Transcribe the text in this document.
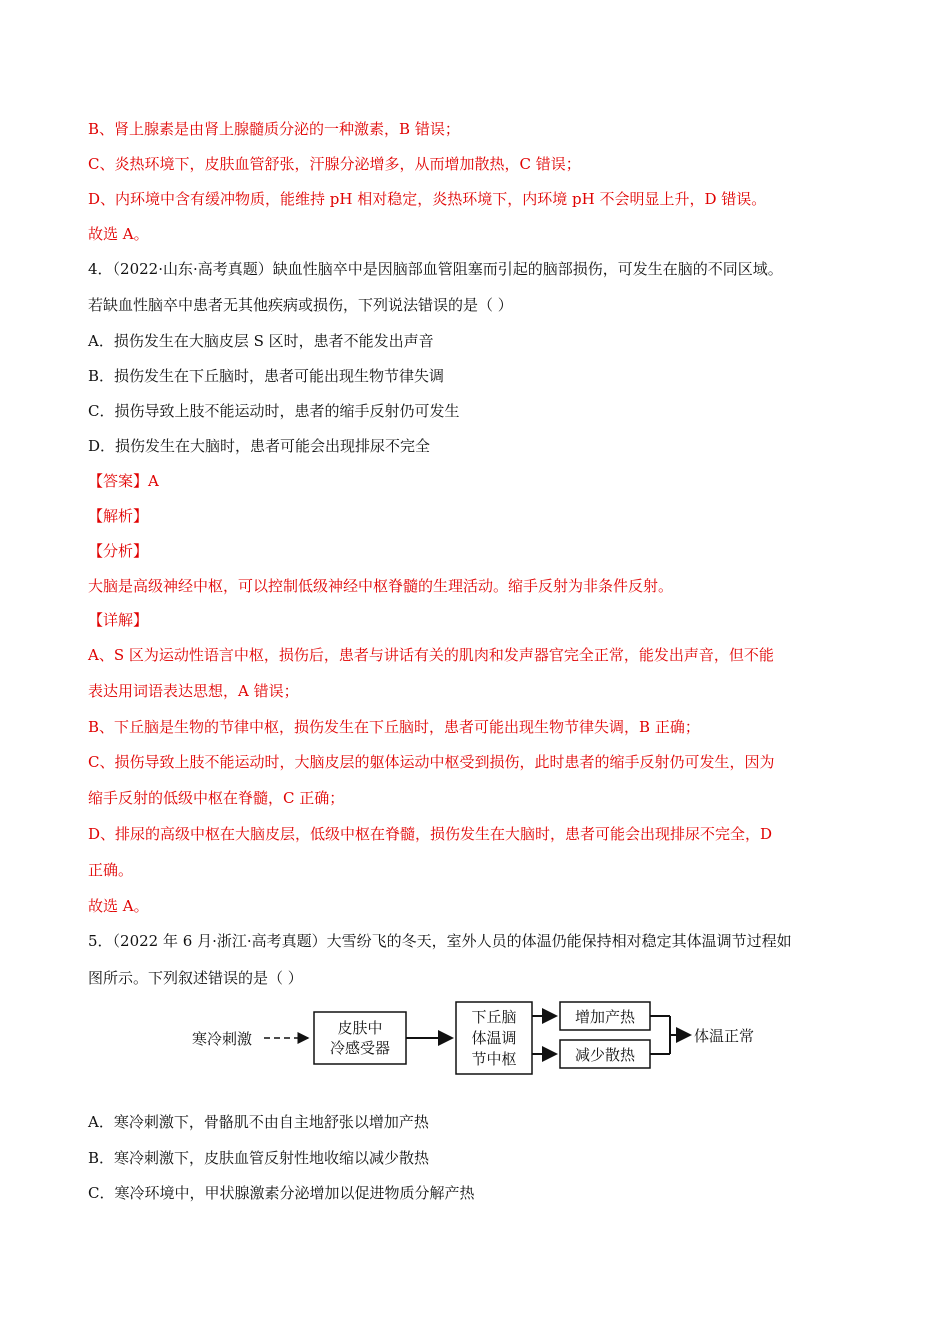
B、肾上腺素是由肾上腺髓质分泌的一种激素，B 错误；
C、炎热环境下，皮肤血管舒张，汗腺分泌增多，从而增加散热，C 错误；
D、内环境中含有缓冲物质，能维持 pH 相对稳定，炎热环境下，内环境 pH 不会明显上升，D 错误。
故选 A。
4．（2022·山东·高考真题）缺血性脑卒中是因脑部血管阻塞而引起的脑部损伤，可发生在脑的不同区域。
若缺血性脑卒中患者无其他疾病或损伤，下列说法错误的是（ ）
A．损伤发生在大脑皮层 S 区时，患者不能发出声音
B．损伤发生在下丘脑时，患者可能出现生物节律失调
C．损伤导致上肢不能运动时，患者的缩手反射仍可发生
D．损伤发生在大脑时，患者可能会出现排尿不完全
【答案】A
【解析】
【分析】
大脑是高级神经中枢，可以控制低级神经中枢脊髓的生理活动。缩手反射为非条件反射。
【详解】
A、S 区为运动性语言中枢，损伤后，患者与讲话有关的肌肉和发声器官完全正常，能发出声音，但不能
表达用词语表达思想，A 错误；
B、下丘脑是生物的节律中枢，损伤发生在下丘脑时，患者可能出现生物节律失调，B 正确；
C、损伤导致上肢不能运动时，大脑皮层的躯体运动中枢受到损伤，此时患者的缩手反射仍可发生，因为
缩手反射的低级中枢在脊髓，C 正确；
D、排尿的高级中枢在大脑皮层，低级中枢在脊髓，损伤发生在大脑时，患者可能会出现排尿不完全，D
正确。
故选 A。
5．（2022 年 6 月·浙江·高考真题）大雪纷飞的冬天，室外人员的体温仍能保持相对稳定其体温调节过程如
图所示。下列叙述错误的是（ ）
寒冷刺激
皮肤中
冷感受器
下丘脑
体温调
节中枢
增加产热
减少散热
体温正常
A．寒冷刺激下，骨骼肌不由自主地舒张以增加产热
B．寒冷刺激下，皮肤血管反射性地收缩以减少散热
C．寒冷环境中，甲状腺激素分泌增加以促进物质分解产热
